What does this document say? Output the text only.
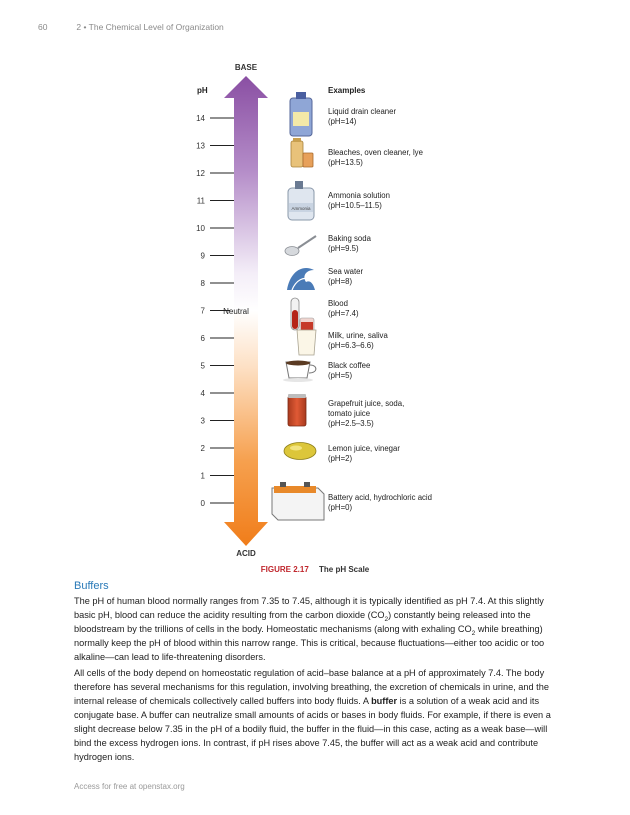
60	2 • The Chemical Level of Organization
BASE
ACID
pH	Examples
14
13
12
11
10
9
8
7
6
5
4
3
2
1
0
Neutral
Ammonia
Liquid drain cleaner
(pH=14)
Bleaches, oven cleaner, lye
(pH=13.5)
Ammonia solution
(pH=10.5–11.5)
Baking soda
(pH=9.5)
Sea water
(pH=8)
Blood
(pH=7.4)
Milk, urine, saliva
(pH=6.3–6.6)
Black coffee
(pH=5)
Grapefruit juice, soda,
tomato juice
(pH=2.5–3.5)
Lemon juice, vinegar
(pH=2)
Battery acid, hydrochloric acid
(pH=0)
FIGURE 2.17 The pH Scale
Buffers

The pH of human blood normally ranges from 7.35 to 7.45, although it is typically identified as pH 7.4. At this slightly basic pH, blood can reduce the acidity resulting from the carbon dioxide $(CO_2)$ constantly being released into the bloodstream by the trillions of cells in the body. Homeostatic mechanisms (along with exhaling $CO_2$ while breathing) normally keep the pH of blood within this narrow range. This is critical, because fluctuations—either too acidic or too alkaline—can lead to life-threatening disorders.

All cells of the body depend on homeostatic regulation of acid–base balance at a pH of approximately 7.4. The body therefore has several mechanisms for this regulation, involving breathing, the excretion of chemicals in urine, and the internal release of chemicals collectively called buffers into body fluids. A buffer is a solution of a weak acid and its conjugate base. A buffer can neutralize small amounts of acids or bases in body fluids. For example, if there is even a slight decrease below 7.35 in the pH of a bodily fluid, the buffer in the fluid—in this case, acting as a weak base—will bind the excess hydrogen ions. In contrast, if pH rises above 7.45, the buffer will act as a weak acid and contribute hydrogen ions.

Access for free at openstax.org
